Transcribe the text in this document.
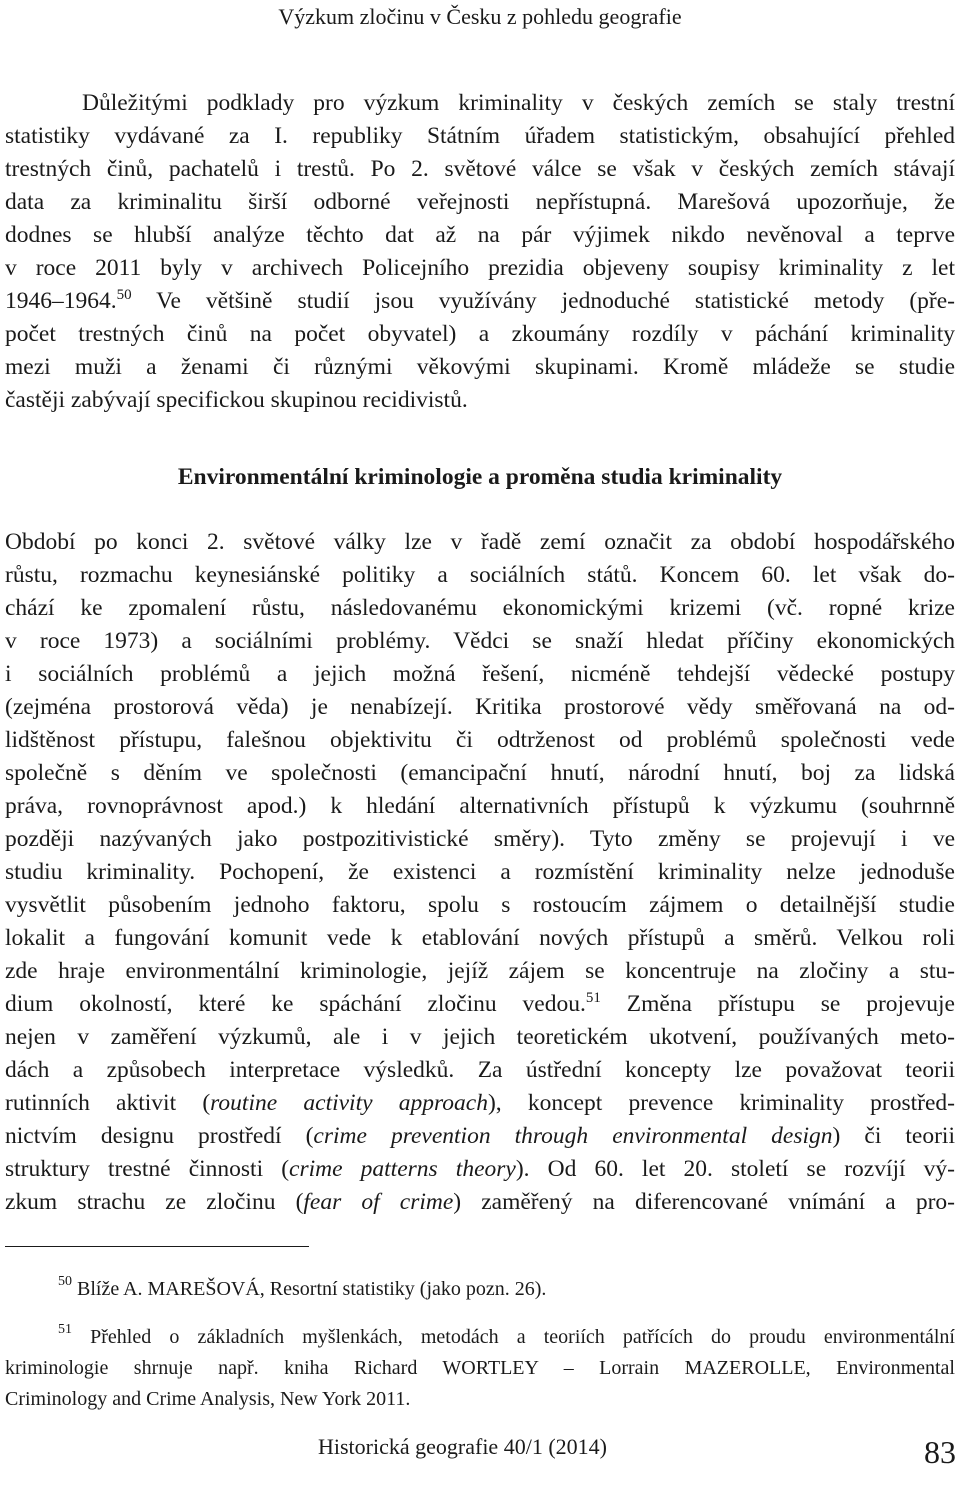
Výzkum zločinu v Česku z pohledu geografie
Důležitými podklady pro výzkum kriminality v českých zemích se staly trestní
statistiky vydávané za I. republiky Státním úřadem statistickým, obsahující přehled
trestných činů, pachatelů i trestů. Po 2. světové válce se však v českých zemích stávají
data za kriminalitu širší odborné veřejnosti nepřístupná. Marešová upozorňuje, že
dodnes se hlubší analýze těchto dat až na pár výjimek nikdo nevěnoval a teprve
v roce 2011 byly v archivech Policejního prezidia objeveny soupisy kriminality z let
1946–1964.50 Ve většině studií jsou využívány jednoduché statistické metody (pře-
počet trestných činů na počet obyvatel) a zkoumány rozdíly v páchání kriminality
mezi muži a ženami či různými věkovými skupinami. Kromě mládeže se studie
častěji zabývají specifickou skupinou recidivistů.
Environmentální kriminologie a proměna studia kriminality
Období po konci 2. světové války lze v řadě zemí označit za období hospodářského
růstu, rozmachu keynesiánské politiky a sociálních států. Koncem 60. let však do-
chází ke zpomalení růstu, následovanému ekonomickými krizemi (vč. ropné krize
v roce 1973) a sociálními problémy. Vědci se snaží hledat příčiny ekonomických
i sociálních problémů a jejich možná řešení, nicméně tehdejší vědecké postupy
(zejména prostorová věda) je nenabízejí. Kritika prostorové vědy směřovaná na od-
lidštěnost přístupu, falešnou objektivitu či odtrženost od problémů společnosti vede
společně s děním ve společnosti (emancipační hnutí, národní hnutí, boj za lidská
práva, rovnoprávnost apod.) k hledání alternativních přístupů k výzkumu (souhrnně
později nazývaných jako postpozitivistické směry). Tyto změny se projevují i ve
studiu kriminality. Pochopení, že existenci a rozmístění kriminality nelze jednoduše
vysvětlit působením jednoho faktoru, spolu s rostoucím zájmem o detailnější studie
lokalit a fungování komunit vede k etablování nových přístupů a směrů. Velkou roli
zde hraje environmentální kriminologie, jejíž zájem se koncentruje na zločiny a stu-
dium okolností, které ke spáchání zločinu vedou.$^{51}$ Změna přístupu se projevuje
nejen v zaměření výzkumů, ale i v jejich teoretickém ukotvení, používaných meto-
dách a způsobech interpretace výsledků. Za ústřední koncepty lze považovat teorii
rutinních aktivit (routine activity approach), koncept prevence kriminality prostřed-
nictvím designu prostředí (crime prevention through environmental design) či teorii
struktury trestné činnosti (crime patterns theory). Od 60. let 20. století se rozvíjí vý-
zkum strachu ze zločinu (fear of crime) zaměřený na diferencované vnímání a pro-
$^{50}$ Blíže A. MAREŠOVÁ, Resortní statistiky (jako pozn. 26).
$^{51}$ Přehled o základních myšlenkách, metodách a teoriích patřících do proudu environmentální
kriminologie shrnuje např. kniha Richard WORTLEY – Lorrain MAZEROLLE, Environmental
Criminology and Crime Analysis, New York 2011.
Historická geografie 40/1 (2014)	83
